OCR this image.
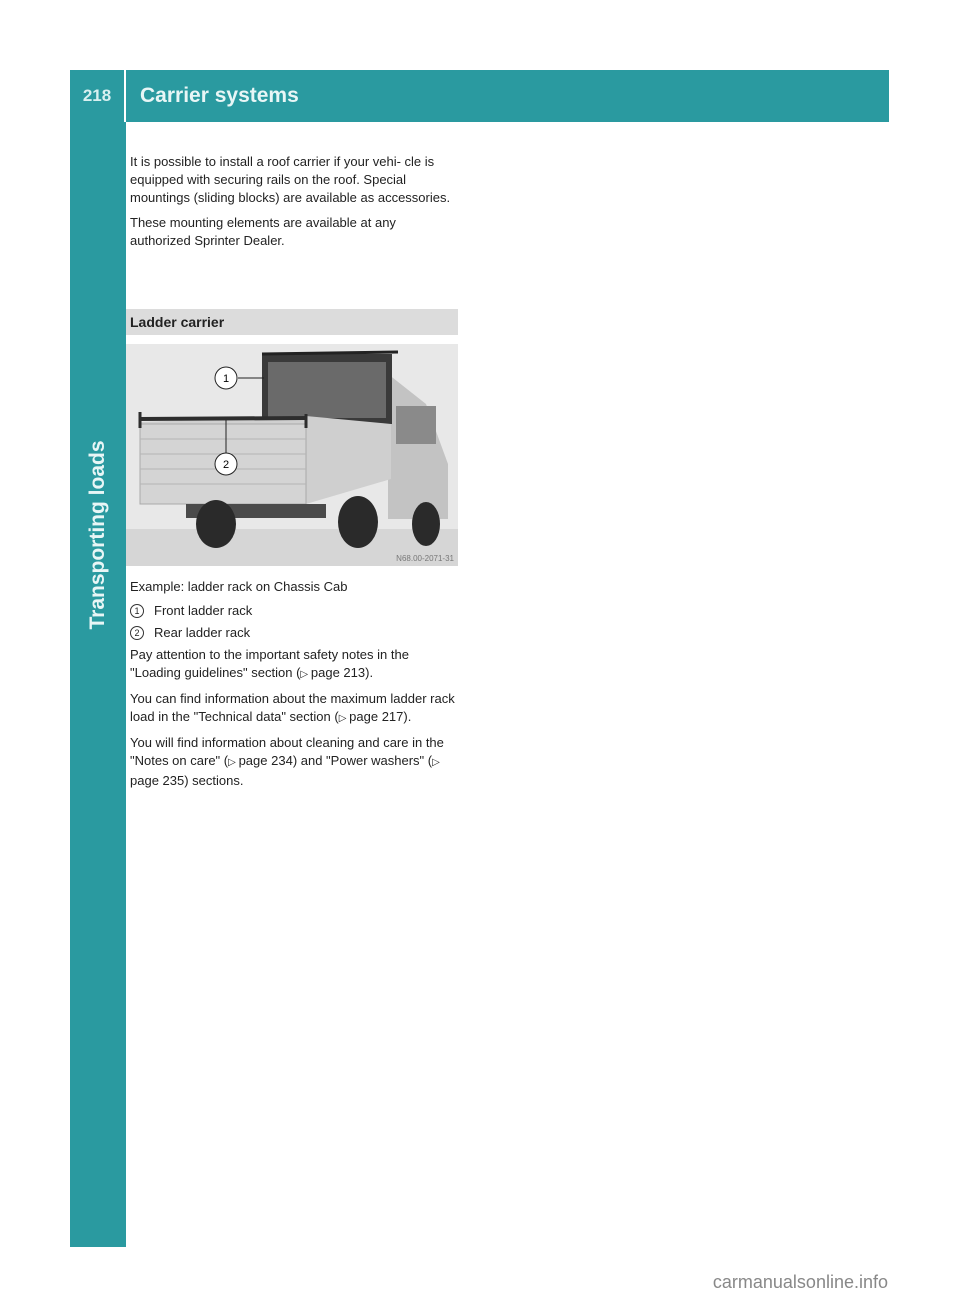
218	Carrier systems
Transporting loads

It is possible to install a roof carrier if your vehi- cle is equipped with securing rails on the roof. Special mountings (sliding blocks) are available as accessories.

These mounting elements are available at any authorized Sprinter Dealer.

Ladder carrier
1
2
N68.00-2071-31

Example: ladder rack on Chassis Cab

1	Front ladder rack
2	Rear ladder rack

Pay attention to the important safety notes in the "Loading guidelines" section (▷ page 213).

You can find information about the maximum ladder rack load in the "Technical data" section (▷ page 217).

You will find information about cleaning and care in the "Notes on care" (▷ page 234) and "Power washers" (▷ page 235) sections.

carmanualsonline.info
